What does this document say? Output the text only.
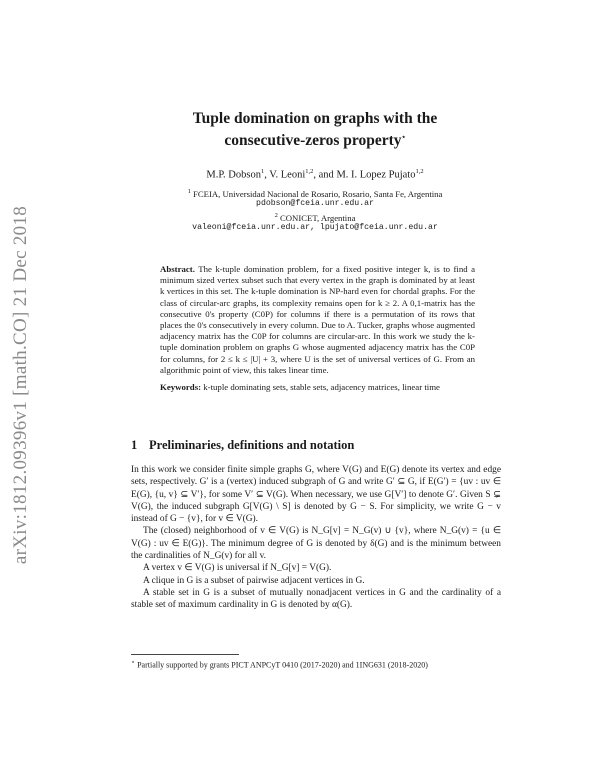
arXiv:1812.09396v1 [math.CO] 21 Dec 2018
Tuple domination on graphs with the
consecutive-zeros property⋆
M.P. Dobson$^1$, V. Leoni$^{1,2}$, and M. I. Lopez Pujato$^{1,2}$
$^1$ FCEIA, Universidad Nacional de Rosario, Rosario, Santa Fe, Argentina
pdobson@fceia.unr.edu.ar
$^2$ CONICET, Argentina
valeoni@fceia.unr.edu.ar, lpujato@fceia.unr.edu.ar
Abstract. The k-tuple domination problem, for a fixed positive integer k, is to find a minimum sized vertex subset such that every vertex in the graph is dominated by at least k vertices in this set. The k-tuple domination is NP-hard even for chordal graphs. For the class of circular-arc graphs, its complexity remains open for k ≥ 2. A 0,1-matrix has the consecutive 0's property (C0P) for columns if there is a permutation of its rows that places the 0's consecutively in every column. Due to A. Tucker, graphs whose augmented adjacency matrix has the C0P for columns are circular-arc. In this work we study the k-tuple domination problem on graphs G whose augmented adjacency matrix has the C0P for columns, for 2 ≤ k ≤ |U| + 3, where U is the set of universal vertices of G. From an algorithmic point of view, this takes linear time.
Keywords: k-tuple dominating sets, stable sets, adjacency matrices, linear time
1 Preliminaries, definitions and notation

In this work we consider finite simple graphs G, where V(G) and E(G) denote its vertex and edge sets, respectively. G′ is a (vertex) induced subgraph of G and write G′ ⊆ G, if E(G′) = {uv : uv ∈ E(G), {u, v} ⊆ V′}, for some V′ ⊆ V(G). When necessary, we use G[V′] to denote G′. Given S ⊊ V(G), the induced subgraph G[V(G) \ S] is denoted by G − S. For simplicity, we write G − v instead of G − {v}, for v ∈ V(G).

The (closed) neighborhood of v ∈ V(G) is N_G[v] = N_G(v) ∪ {v}, where N_G(v) = {u ∈ V(G) : uv ∈ E(G)}. The minimum degree of G is denoted by δ(G) and is the minimum between the cardinalities of N_G(v) for all v.

A vertex v ∈ V(G) is universal if N_G[v] = V(G).

A clique in G is a subset of pairwise adjacent vertices in G.

A stable set in G is a subset of mutually nonadjacent vertices in G and the cardinality of a stable set of maximum cardinality in G is denoted by α(G).

⋆ Partially supported by grants PICT ANPCyT 0410 (2017-2020) and 1ING631 (2018-2020)
